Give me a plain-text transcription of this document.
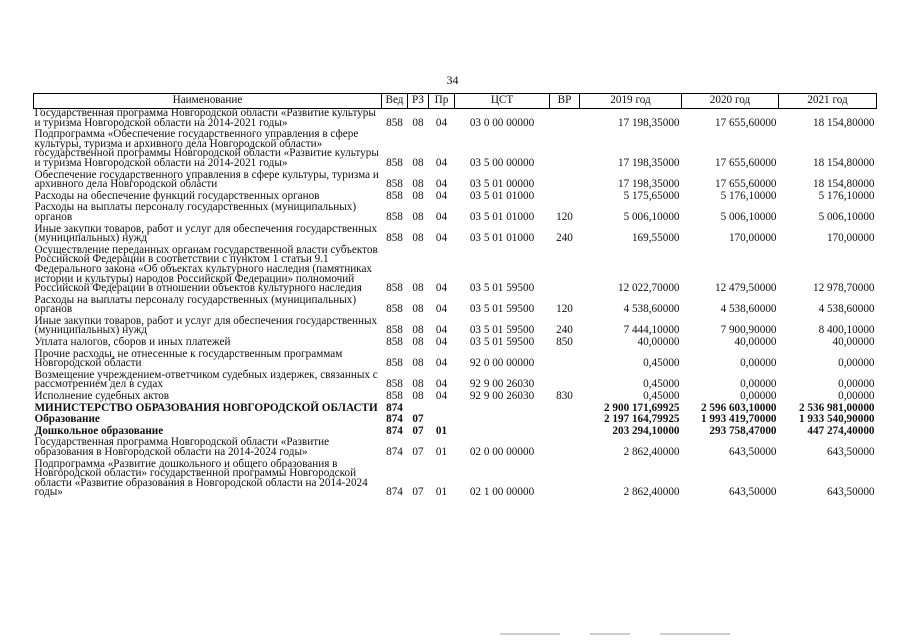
34
Наименование	Вед	РЗ	Пр	ЦСТ	ВР	2019 год	2020 год	2021 год
Государственная программа Новгородской области «Развитие культуры и туризма Новгородской области на 2014-2021 годы»	858	08	04	03 0 00 00000		17 198,35000	17 655,60000	18 154,80000
Подпрограмма «Обеспечение государственного управления в сфере культуры, туризма и архивного дела Новгородской области» государственной программы Новгородской области «Развитие культуры и туризма Новгородской области на 2014-2021 годы»	858	08	04	03 5 00 00000		17 198,35000	17 655,60000	18 154,80000
Обеспечение государственного управления в сфере культуры, туризма и архивного дела Новгородской области	858	08	04	03 5 01 00000		17 198,35000	17 655,60000	18 154,80000
Расходы на обеспечение функций государственных органов	858	08	04	03 5 01 01000		5 175,65000	5 176,10000	5 176,10000
Расходы на выплаты персоналу государственных (муниципальных) органов	858	08	04	03 5 01 01000	120	5 006,10000	5 006,10000	5 006,10000
Иные закупки товаров, работ и услуг для обеспечения государственных (муниципальных) нужд	858	08	04	03 5 01 01000	240	169,55000	170,00000	170,00000
Осуществление переданных органам государственной власти субъектов Российской Федерации в соответствии с пунктом 1 статьи 9.1 Федерального закона «Об объектах культурного наследия (памятниках истории и культуры) народов Российской Федерации» полномочий Российской Федерации в отношении объектов культурного наследия	858	08	04	03 5 01 59500		12 022,70000	12 479,50000	12 978,70000
Расходы на выплаты персоналу государственных (муниципальных) органов	858	08	04	03 5 01 59500	120	4 538,60000	4 538,60000	4 538,60000
Иные закупки товаров, работ и услуг для обеспечения государственных (муниципальных) нужд	858	08	04	03 5 01 59500	240	7 444,10000	7 900,90000	8 400,10000
Уплата налогов, сборов и иных платежей	858	08	04	03 5 01 59500	850	40,00000	40,00000	40,00000
Прочие расходы, не отнесенные к государственным программам Новгородской области	858	08	04	92 0 00 00000		0,45000	0,00000	0,00000
Возмещение учреждением-ответчиком судебных издержек, связанных с рассмотрением дел в судах	858	08	04	92 9 00 26030		0,45000	0,00000	0,00000
Исполнение судебных актов	858	08	04	92 9 00 26030	830	0,45000	0,00000	0,00000
МИНИСТЕРСТВО ОБРАЗОВАНИЯ НОВГОРОДСКОЙ ОБЛАСТИ	874					2 900 171,69925	2 596 603,10000	2 536 981,00000
Образование	874	07				2 197 164,79925	1 993 419,70000	1 933 540,90000
Дошкольное образование	874	07	01			203 294,10000	293 758,47000	447 274,40000
Государственная программа Новгородской области «Развитие образования в Новгородской области на 2014-2024 годы»	874	07	01	02 0 00 00000		2 862,40000	643,50000	643,50000
Подпрограмма «Развитие дошкольного и общего образования в Новгородской области» государственной программы Новгородской области «Развитие образования в Новгородской области на 2014-2024 годы»	874	07	01	02 1 00 00000		2 862,40000	643,50000	643,50000
